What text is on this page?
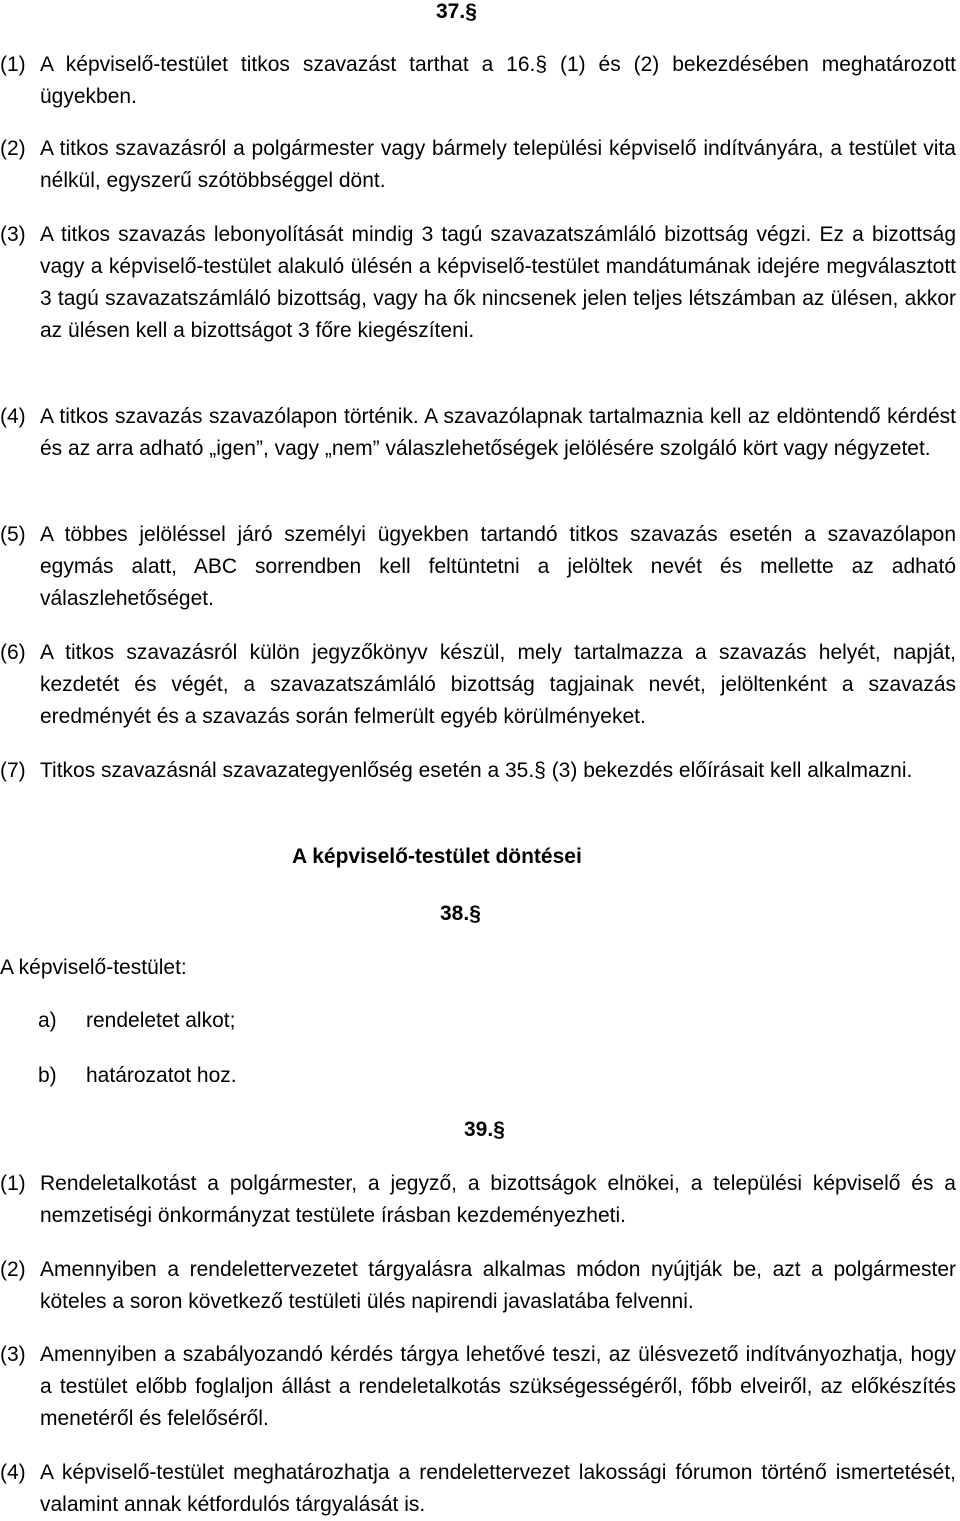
37.§
(1) A képviselő-testület titkos szavazást tarthat a 16.§ (1) és (2) bekezdésében meghatározott ügyekben.
(2) A titkos szavazásról a polgármester vagy bármely települési képviselő indítványára, a testület vita nélkül, egyszerű szótöbbséggel dönt.
(3) A titkos szavazás lebonyolítását mindig 3 tagú szavazatszámláló bizottság végzi. Ez a bizottság vagy a képviselő-testület alakuló ülésén a képviselő-testület mandátumának idejére megválasztott 3 tagú szavazatszámláló bizottság, vagy ha ők nincsenek jelen teljes létszámban az ülésen, akkor az ülésen kell a bizottságot 3 főre kiegészíteni.
(4) A titkos szavazás szavazólapon történik. A szavazólapnak tartalmaznia kell az eldöntendő kérdést és az arra adható „igen”, vagy „nem” válaszlehetőségek jelölésére szolgáló kört vagy négyzetet.
(5) A többes jelöléssel járó személyi ügyekben tartandó titkos szavazás esetén a szavazólapon egymás alatt, ABC sorrendben kell feltüntetni a jelöltek nevét és mellette az adható válaszlehetőséget.
(6) A titkos szavazásról külön jegyzőkönyv készül, mely tartalmazza a szavazás helyét, napját, kezdetét és végét, a szavazatszámláló bizottság tagjainak nevét, jelöltenként a szavazás eredményét és a szavazás során felmerült egyéb körülményeket.
(7) Titkos szavazásnál szavazategyenlőség esetén a 35.§ (3) bekezdés előírásait kell alkalmazni.
A képviselő-testület döntései
38.§
A képviselő-testület:
a)	rendeletet alkot;
b)	határozatot hoz.
39.§
(1) Rendeletalkotást a polgármester, a jegyző, a bizottságok elnökei, a települési képviselő és a nemzetiségi önkormányzat testülete írásban kezdeményezheti.
(2) Amennyiben a rendelettervezetet tárgyalásra alkalmas módon nyújtják be, azt a polgármester köteles a soron következő testületi ülés napirendi javaslatába felvenni.
(3) Amennyiben a szabályozandó kérdés tárgya lehetővé teszi, az ülésvezető indítványozhatja, hogy a testület előbb foglaljon állást a rendeletalkotás szükségességéről, főbb elveiről, az előkészítés menetéről és felelőséről.
(4) A képviselő-testület meghatározhatja a rendelettervezet lakossági fórumon történő ismertetését, valamint annak kétfordulós tárgyalását is.
